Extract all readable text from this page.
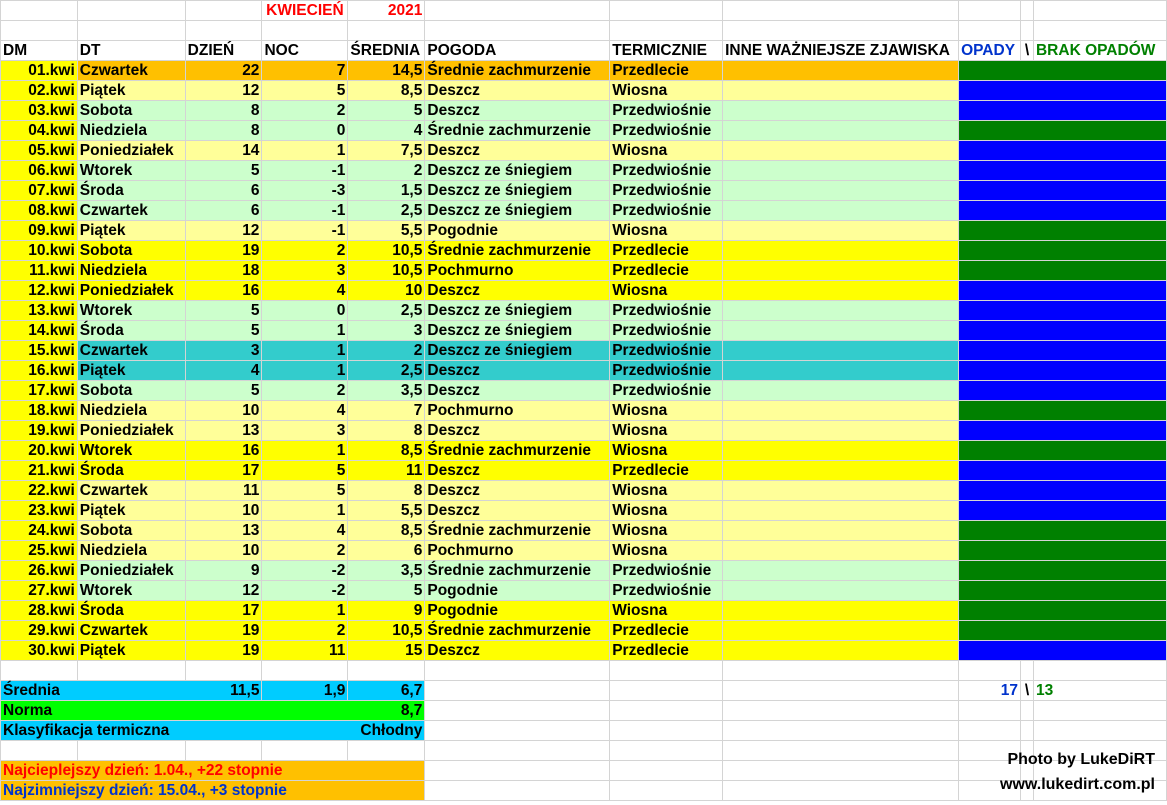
			KWIECIEŃ	2021						

DM	DT	DZIEŃ	NOC	ŚREDNIA	POGODA	TERMICZNIE	INNE WAŻNIEJSZE ZJAWISKA	OPADY	\	BRAK OPADÓW
01.kwi	Czwartek	22	7	14,5	Średnie zachmurzenie	Przedlecie				
02.kwi	Piątek	12	5	8,5	Deszcz	Wiosna				
03.kwi	Sobota	8	2	5	Deszcz	Przedwiośnie				
04.kwi	Niedziela	8	0	4	Średnie zachmurzenie	Przedwiośnie				
05.kwi	Poniedziałek	14	1	7,5	Deszcz	Wiosna				
06.kwi	Wtorek	5	-1	2	Deszcz ze śniegiem	Przedwiośnie				
07.kwi	Środa	6	-3	1,5	Deszcz ze śniegiem	Przedwiośnie				
08.kwi	Czwartek	6	-1	2,5	Deszcz ze śniegiem	Przedwiośnie				
09.kwi	Piątek	12	-1	5,5	Pogodnie	Wiosna				
10.kwi	Sobota	19	2	10,5	Średnie zachmurzenie	Przedlecie				
11.kwi	Niedziela	18	3	10,5	Pochmurno	Przedlecie				
12.kwi	Poniedziałek	16	4	10	Deszcz	Wiosna				
13.kwi	Wtorek	5	0	2,5	Deszcz ze śniegiem	Przedwiośnie				
14.kwi	Środa	5	1	3	Deszcz ze śniegiem	Przedwiośnie				
15.kwi	Czwartek	3	1	2	Deszcz ze śniegiem	Przedwiośnie				
16.kwi	Piątek	4	1	2,5	Deszcz	Przedwiośnie				
17.kwi	Sobota	5	2	3,5	Deszcz	Przedwiośnie				
18.kwi	Niedziela	10	4	7	Pochmurno	Wiosna				
19.kwi	Poniedziałek	13	3	8	Deszcz	Wiosna				
20.kwi	Wtorek	16	1	8,5	Średnie zachmurzenie	Wiosna				
21.kwi	Środa	17	5	11	Deszcz	Przedlecie				
22.kwi	Czwartek	11	5	8	Deszcz	Wiosna				
23.kwi	Piątek	10	1	5,5	Deszcz	Wiosna				
24.kwi	Sobota	13	4	8,5	Średnie zachmurzenie	Wiosna				
25.kwi	Niedziela	10	2	6	Pochmurno	Wiosna				
26.kwi	Poniedziałek	9	-2	3,5	Średnie zachmurzenie	Przedwiośnie				
27.kwi	Wtorek	12	-2	5	Pogodnie	Przedwiośnie				
28.kwi	Środa	17	1	9	Pogodnie	Wiosna				
29.kwi	Czwartek	19	2	10,5	Średnie zachmurzenie	Przedlecie				
30.kwi	Piątek	19	11	15	Deszcz	Przedlecie				

Średnia		11,5	1,9	6,7				17	\	13
Norma				8,7						
Klasyfikacja termiczna				Chłodny						

Najcieplejszy dzień: 1.04., +22 stopnie										
Najzimniejszy dzień: 15.04., +3 stopnie										
Photo by LukeDiRT
www.lukedirt.com.pl
